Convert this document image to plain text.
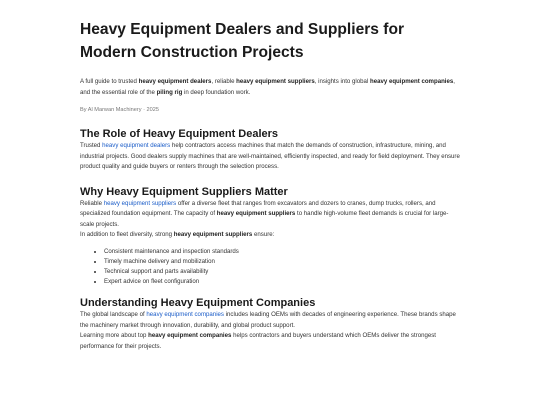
Heavy Equipment Dealers and Suppliers for Modern Construction Projects

A full guide to trusted heavy equipment dealers, reliable heavy equipment suppliers, insights into global heavy equipment companies, and the essential role of the piling rig in deep foundation work.

By Al Marwan Machinery · 2025

The Role of Heavy Equipment Dealers

Trusted heavy equipment dealers help contractors access machines that match the demands of construction, infrastructure, mining, and industrial projects. Good dealers supply machines that are well-maintained, efficiently inspected, and ready for field deployment. They ensure product quality and guide buyers or renters through the selection process.

Why Heavy Equipment Suppliers Matter

Reliable heavy equipment suppliers offer a diverse fleet that ranges from excavators and dozers to cranes, dump trucks, rollers, and specialized foundation equipment. The capacity of heavy equipment suppliers to handle high-volume fleet demands is crucial for large-scale projects.

In addition to fleet diversity, strong heavy equipment suppliers ensure:

• Consistent maintenance and inspection standards
• Timely machine delivery and mobilization
• Technical support and parts availability
• Expert advice on fleet configuration
Understanding Heavy Equipment Companies

The global landscape of heavy equipment companies includes leading OEMs with decades of engineering experience. These brands shape the machinery market through innovation, durability, and global product support.

Learning more about top heavy equipment companies helps contractors and buyers understand which OEMs deliver the strongest performance for their projects.
